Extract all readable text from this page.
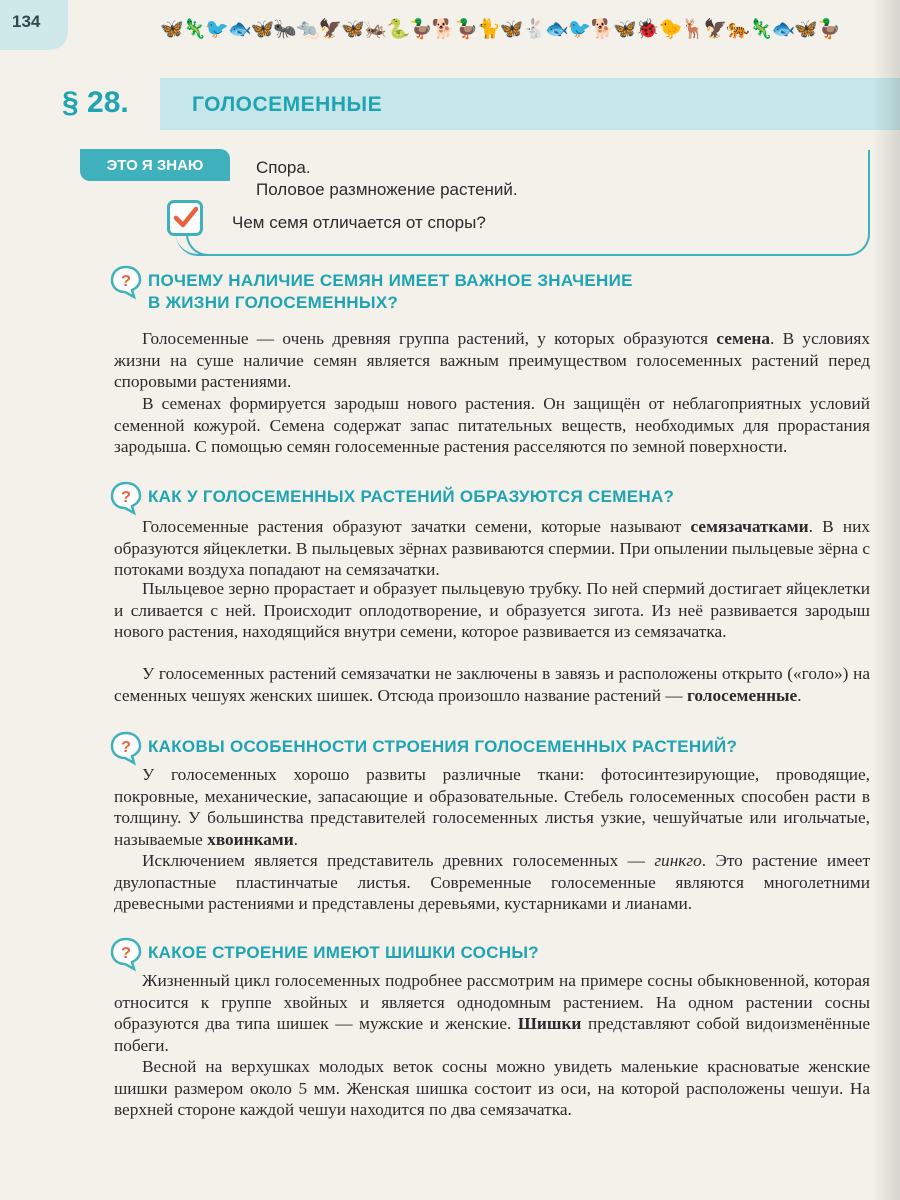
134	🦋🦎🐦🐟🦋🐜🐀🦅🦋🦗🐍🦆🐕🦆🐈🦋🐇🐟🐦🐕🦋🐞🐤🦌🦅🐅🦎🐟🦋🦆
§ 28.	ГОЛОСЕМЕННЫЕ
ЭТО Я ЗНАЮ	Спора.
Половое размножение растений.
Чем семя отличается от споры?
? ПОЧЕМУ НАЛИЧИЕ СЕМЯН ИМЕЕТ ВАЖНОЕ ЗНАЧЕНИЕ
В ЖИЗНИ ГОЛОСЕМЕННЫХ?

Голосеменные — очень древняя группа растений, у которых образуются семена. В условиях жизни на суше наличие семян является важным преимуществом голосеменных растений перед споровыми растениями.

В семенах формируется зародыш нового растения. Он защищён от неблагоприятных условий семенной кожурой. Семена содержат запас питательных веществ, необходимых для прорастания зародыша. С помощью семян голосеменные растения расселяются по земной поверхности.

? КАК У ГОЛОСЕМЕННЫХ РАСТЕНИЙ ОБРАЗУЮТСЯ СЕМЕНА?

Голосеменные растения образуют зачатки семени, которые называют семязачатками. В них образуются яйцеклетки. В пыльцевых зёрнах развиваются спермии. При опылении пыльцевые зёрна с потоками воздуха попадают на семязачатки.

Пыльцевое зерно прорастает и образует пыльцевую трубку. По ней спермий достигает яйцеклетки и сливается с ней. Происходит оплодотворение, и образуется зигота. Из неё развивается зародыш нового растения, находящийся внутри семени, которое развивается из семязачатка.

У голосеменных растений семязачатки не заключены в завязь и расположены открыто («голо») на семенных чешуях женских шишек. Отсюда произошло название растений — голосеменные.

? КАКОВЫ ОСОБЕННОСТИ СТРОЕНИЯ ГОЛОСЕМЕННЫХ РАСТЕНИЙ?

У голосеменных хорошо развиты различные ткани: фотосинтезирующие, проводящие, покровные, механические, запасающие и образовательные. Стебель голосеменных способен расти в толщину. У большинства представителей голосеменных листья узкие, чешуйчатые или игольчатые, называемые хвоинками.

Исключением является представитель древних голосеменных — гинкго. Это растение имеет двулопастные пластинчатые листья. Современные голосеменные являются многолетними древесными растениями и представлены деревьями, кустарниками и лианами.

? КАКОЕ СТРОЕНИЕ ИМЕЮТ ШИШКИ СОСНЫ?

Жизненный цикл голосеменных подробнее рассмотрим на примере сосны обыкновенной, которая относится к группе хвойных и является однодомным растением. На одном растении сосны образуются два типа шишек — мужские и женские. Шишки представляют собой видоизменённые побеги.

Весной на верхушках молодых веток сосны можно увидеть маленькие красноватые женские шишки размером около 5 мм. Женская шишка состоит из оси, на которой расположены чешуи. На верхней стороне каждой чешуи находится по два семязачатка.
